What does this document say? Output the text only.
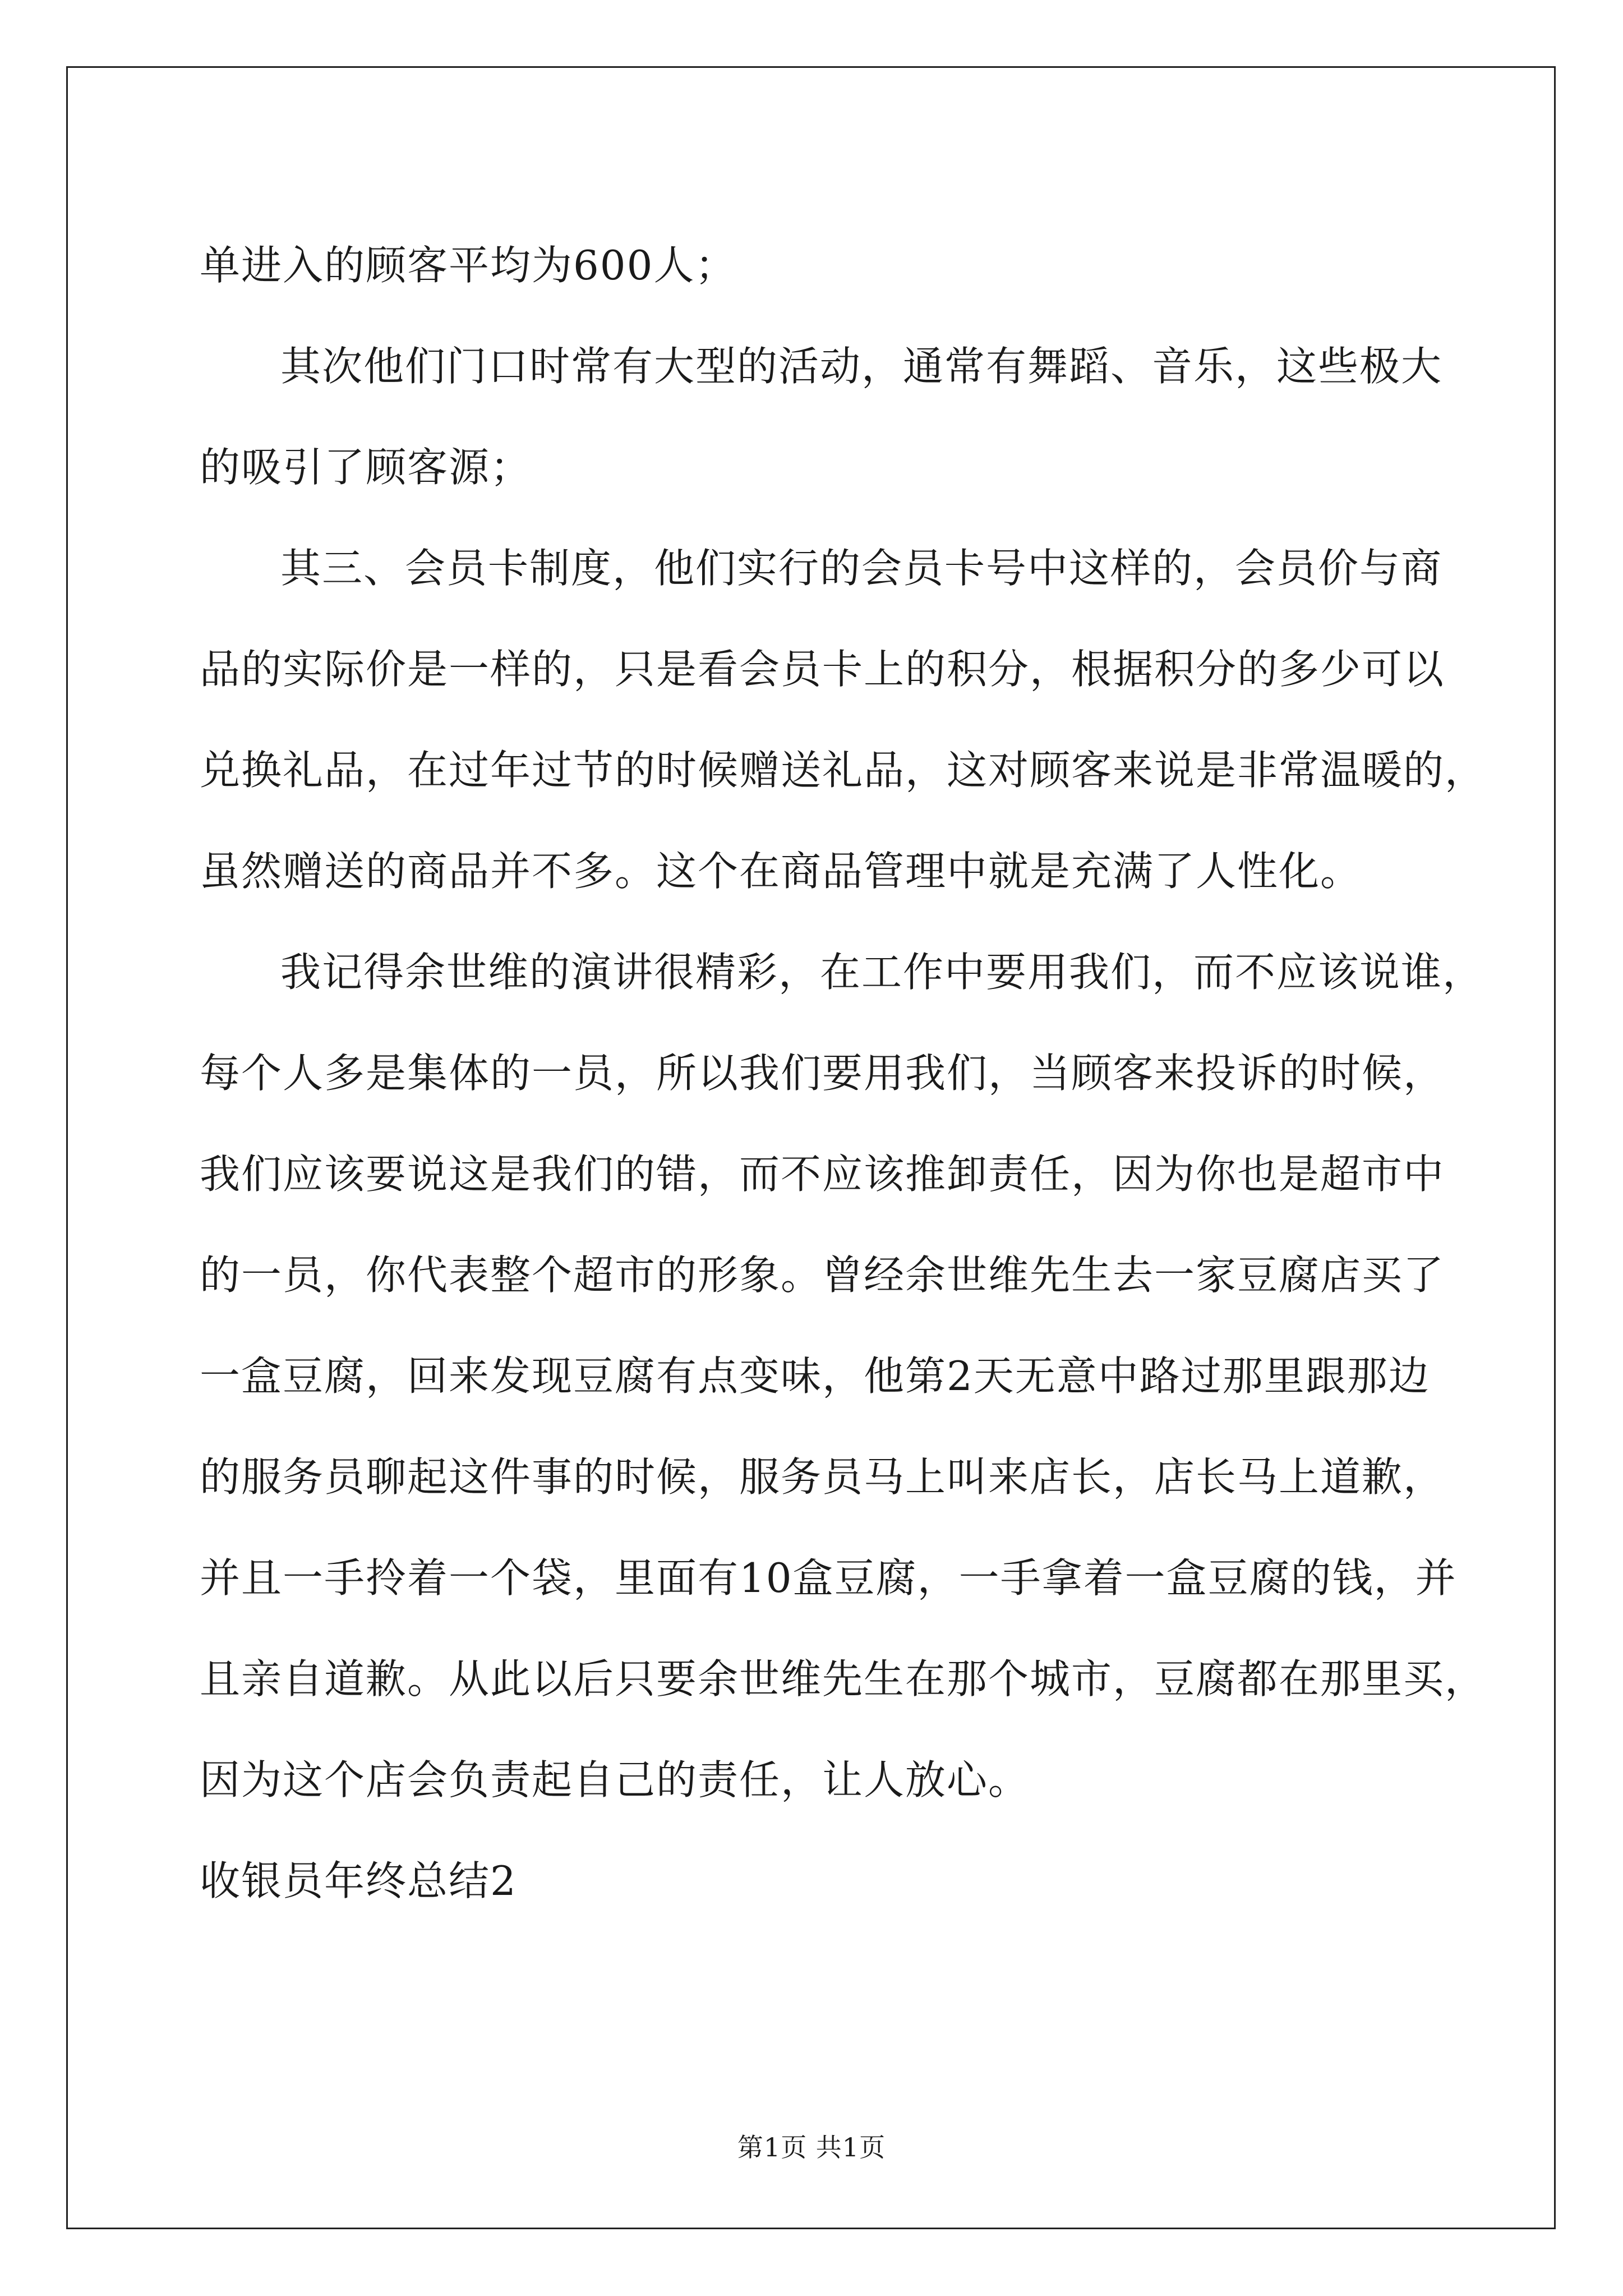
单进入的顾客平均为600人；

其次他们门口时常有大型的活动，通常有舞蹈、音乐，这些极大

的吸引了顾客源；

其三、会员卡制度，他们实行的会员卡号中这样的，会员价与商

品的实际价是一样的，只是看会员卡上的积分，根据积分的多少可以

兑换礼品，在过年过节的时候赠送礼品，这对顾客来说是非常温暖的，

虽然赠送的商品并不多。这个在商品管理中就是充满了人性化。

我记得余世维的演讲很精彩，在工作中要用我们，而不应该说谁，

每个人多是集体的一员，所以我们要用我们，当顾客来投诉的时候，

我们应该要说这是我们的错，而不应该推卸责任，因为你也是超市中

的一员，你代表整个超市的形象。曾经余世维先生去一家豆腐店买了

一盒豆腐，回来发现豆腐有点变味，他第2天无意中路过那里跟那边

的服务员聊起这件事的时候，服务员马上叫来店长，店长马上道歉，

并且一手拎着一个袋，里面有10盒豆腐，一手拿着一盒豆腐的钱，并

且亲自道歉。从此以后只要余世维先生在那个城市，豆腐都在那里买，

因为这个店会负责起自己的责任，让人放心。

收银员年终总结2

第1页 共1页
